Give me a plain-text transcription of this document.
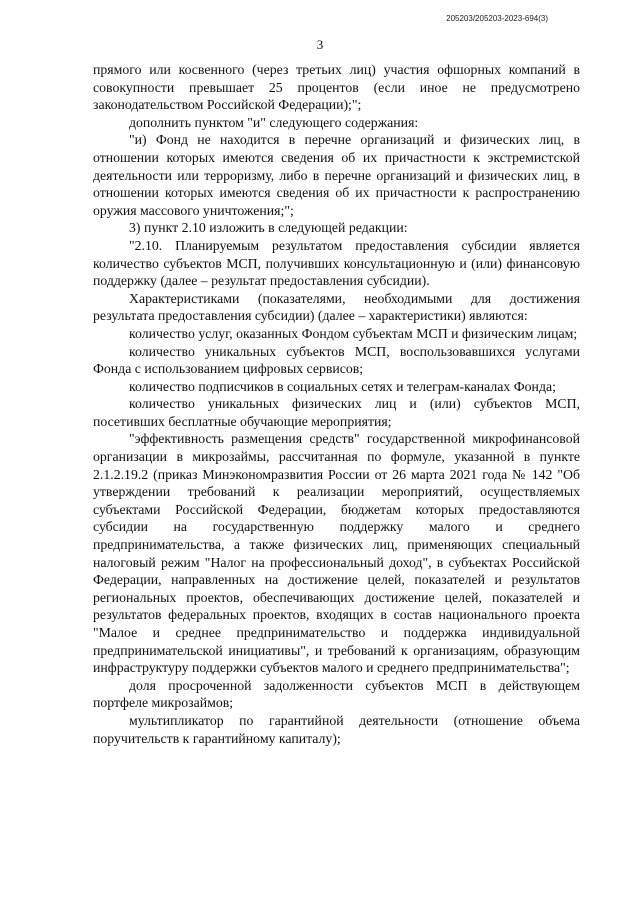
205203/205203-2023-694(3)
3

прямого или косвенного (через третьих лиц) участия офшорных компаний в совокупности превышает 25 процентов (если иное не предусмотрено законодательством Российской Федерации);";

дополнить пунктом "и" следующего содержания:

"и) Фонд не находится в перечне организаций и физических лиц, в отношении которых имеются сведения об их причастности к экстремистской деятельности или терроризму, либо в перечне организаций и физических лиц, в отношении которых имеются сведения об их причастности к распространению оружия массового уничтожения;";

3) пункт 2.10 изложить в следующей редакции:

"2.10. Планируемым результатом предоставления субсидии является количество субъектов МСП, получивших консультационную и (или) финансовую поддержку (далее – результат предоставления субсидии).

Характеристиками (показателями, необходимыми для достижения результата предоставления субсидии) (далее – характеристики) являются:

количество услуг, оказанных Фондом субъектам МСП и физическим лицам;

количество уникальных субъектов МСП, воспользовавшихся услугами Фонда с использованием цифровых сервисов;

количество подписчиков в социальных сетях и телеграм-каналах Фонда;

количество уникальных физических лиц и (или) субъектов МСП, посетивших бесплатные обучающие мероприятия;

"эффективность размещения средств" государственной микрофинансовой организации в микрозаймы, рассчитанная по формуле, указанной в пункте 2.1.2.19.2 (приказ Минэкономразвития России от 26 марта 2021 года № 142 "Об утверждении требований к реализации мероприятий, осуществляемых субъектами Российской Федерации, бюджетам которых предоставляются субсидии на государственную поддержку малого и среднего предпринимательства, а также физических лиц, применяющих специальный налоговый режим "Налог на профессиональный доход", в субъектах Российской Федерации, направленных на достижение целей, показателей и результатов региональных проектов, обеспечивающих достижение целей, показателей и результатов федеральных проектов, входящих в состав национального проекта "Малое и среднее предпринимательство и поддержка индивидуальной предпринимательской инициативы", и требований к организациям, образующим инфраструктуру поддержки субъектов малого и среднего предпринимательства";

доля просроченной задолженности субъектов МСП в действующем портфеле микрозаймов;

мультипликатор по гарантийной деятельности (отношение объема поручительств к гарантийному капиталу);
